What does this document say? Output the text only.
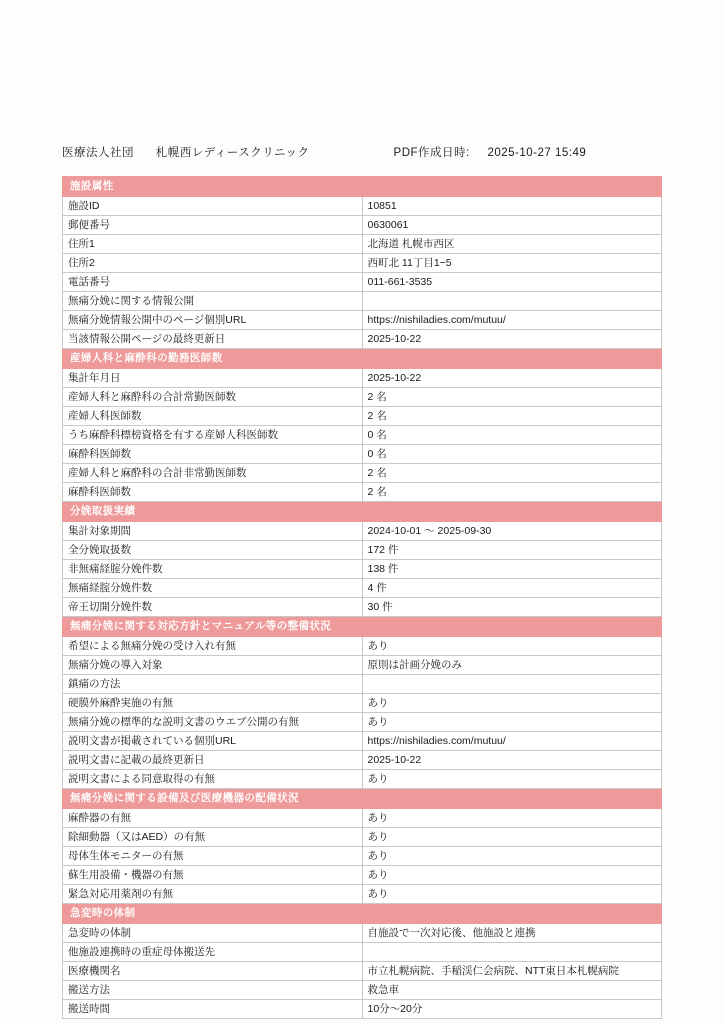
医療法人社団 札幌西レディースクリニック	PDF作成日時: 2025-10-27 15:49
施設属性	
施設ID	10851
郵便番号	0630061
住所1	北海道 札幌市西区
住所2	西町北 11丁目1−5
電話番号	011-661-3535
無痛分娩に関する情報公開	
無痛分娩情報公開中のページ個別URL	https://nishiladies.com/mutuu/
当該情報公開ページの最終更新日	2025-10-22
産婦人科と麻酔科の勤務医師数	
集計年月日	2025-10-22
産婦人科と麻酔科の合計常勤医師数	2 名
産婦人科医師数	2 名
うち麻酔科標榜資格を有する産婦人科医師数	0 名
麻酔科医師数	0 名
産婦人科と麻酔科の合計非常勤医師数	2 名
麻酔科医師数	2 名
分娩取扱実績	
集計対象期間	2024-10-01 〜 2025-09-30
全分娩取扱数	172 件
非無痛経腟分娩件数	138 件
無痛経腟分娩件数	4 件
帝王切開分娩件数	30 件
無痛分娩に関する対応方針とマニュアル等の整備状況	
希望による無痛分娩の受け入れ有無	あり
無痛分娩の導入対象	原則は計画分娩のみ
鎮痛の方法	
硬膜外麻酔実施の有無	あり
無痛分娩の標準的な説明文書のウエブ公開の有無	あり
説明文書が掲載されている個別URL	https://nishiladies.com/mutuu/
説明文書に記載の最終更新日	2025-10-22
説明文書による同意取得の有無	あり
無痛分娩に関する設備及び医療機器の配備状況	
麻酔器の有無	あり
除細動器（又はAED）の有無	あり
母体生体モニターの有無	あり
蘇生用設備・機器の有無	あり
緊急対応用薬剤の有無	あり
急変時の体制	
急変時の体制	自施設で一次対応後、他施設と連携
他施設連携時の重症母体搬送先	
医療機関名	市立札幌病院、手稲渓仁会病院、NTT東日本札幌病院
搬送方法	救急車
搬送時間	10分〜20分
